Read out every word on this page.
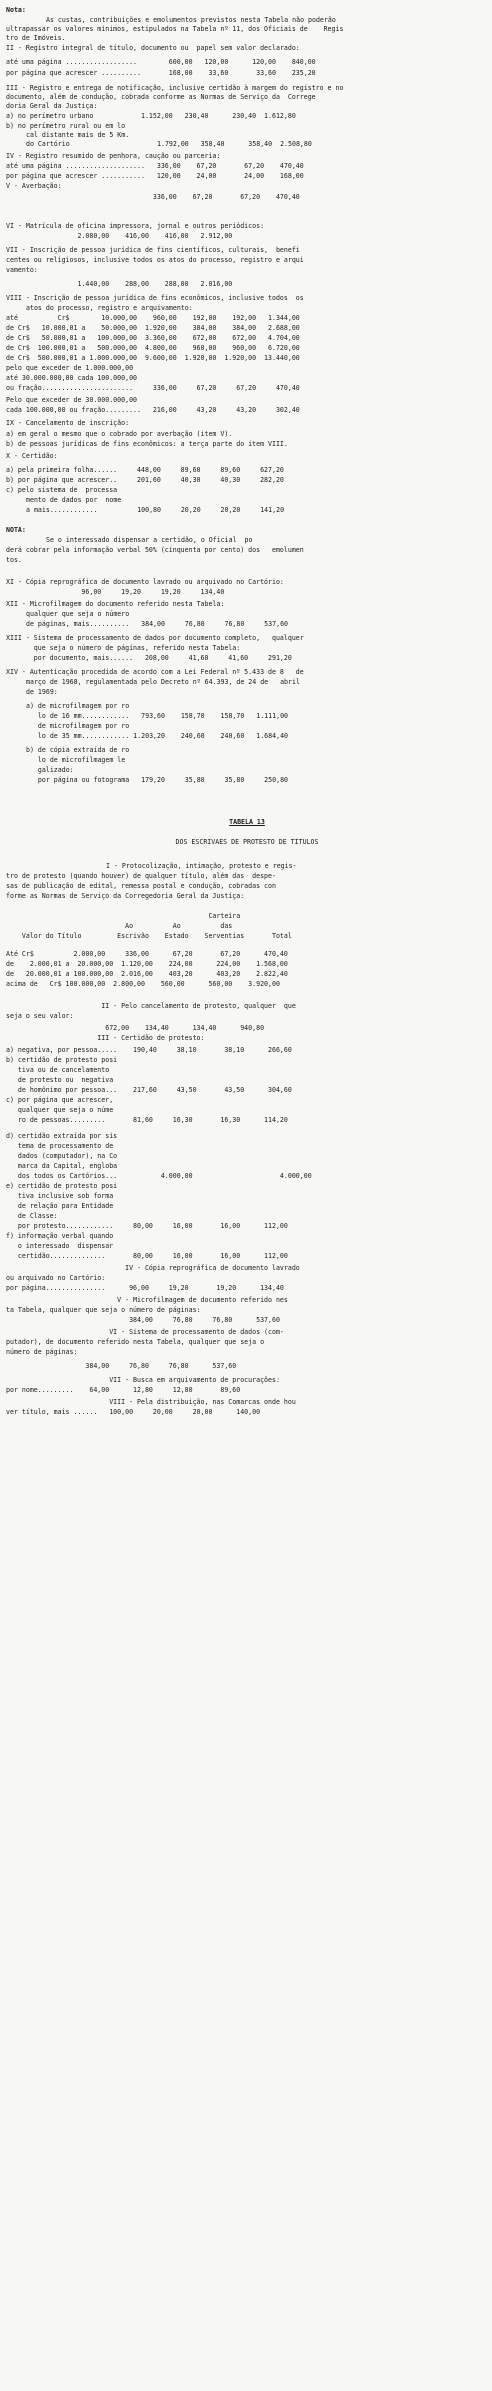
TABELA 13
DOS ESCRIVÃES DE PROTESTO DE TÍTULOS
Nota:
As custas, contribuições e emolumentos previstos nesta Tabela não poderão
ultrapassar os valores mínimos, estipulados na Tabela nº 11, dos Oficiais de    Regis
tro de Imóveis.
II - Registro integral de título, documento ou  papel sem valor declarado:
até uma página ..................        600,00   120,00      120,00    840,00
por página que acrescer ..........       168,00    33,60       33,60    235,20
III - Registro e entrega de notificação, inclusive certidão à margem do registro e no
documento, além de condução, cobrada conforme as Normas de Serviço da  Correge
doria Geral da Justiça:
a) no perímetro urbano            1.152,00   230,40      230,40  1.612,80
b) no perímetro rural ou em lo
cal distante mais de 5 Km.
do Cartório                      1.792,00   358,40      358,40  2.508,80
IV - Registro resumido de penhora, caução ou parceria:
até uma página ....................   336,00    67,20       67,20    470,40
por página que acrescer ...........   120,00    24,00       24,00    168,00
V - Averbação:
336,00    67,20       67,20    470,40
VI - Matrícula de oficina impressora, jornal e outros periódicos:
2.080,00    416,00    416,00   2.912,00
VII - Inscrição de pessoa jurídica de fins científicos, culturais,  benefi
centes ou religiosos, inclusive todos os atos do processo, registro e arqui
vamento:
1.440,00    288,00    288,00   2.016,00
VIII - Inscrição de pessoa jurídica de fins econômicos, inclusive todos  os
atos do processo, registro e arquivamento:
até          Cr$        10.000,00    960,00    192,00    192,00   1.344,00
de Cr$   10.000,01 a    50.000,00  1.920,00    384,00    384,00   2.688,00
de Cr$   50.000,01 a   100.000,00  3.360,00    672,00    672,00   4.704,00
de Cr$  100.000,01 a   500.000,00  4.800,00    960,00    960,00   6.720,00
de Cr$  500.000,01 a 1.000.000,00  9.600,00  1.920,00  1.920,00  13.440,00
pelo que exceder de 1.000.000,00
até 30.000.000,00 cada 100.000,00
ou fração.......................     336,00     67,20     67,20     470,40
Pelo que exceder de 30.000.000,00
cada 100.000,00 ou fração.........   216,00     43,20     43,20     302,40
IX - Cancelamento de inscrição:
a) em geral o mesmo que o cobrado por averbação (item V).
b) de pessoas jurídicas de fins econômicos: a terça parte do item VIII.
X - Certidão:
a) pela primeira folha......     448,00     89,60     89,60     627,20
b) por página que acrescer..     201,60     40,30     40,30     282,20
c) pelo sistema de  processa
mento de dados por  nome
a mais............          100,80     20,20     20,20     141,20
NOTA:
Se o interessado dispensar a certidão, o Oficial  po
derá cobrar pela informação verbal 50% (cinquenta por cento) dos   emolumen
tos.
XI - Cópia reprográfica de documento lavrado ou arquivado no Cartório:
96,00     19,20     19,20     134,40
XII - Microfilmagem do documento referido nesta Tabela:
qualquer que seja o número
de páginas, mais..........   384,00     76,80     76,80     537,60
XIII - Sistema de processamento de dados por documento completo,   qualquer
que seja o número de páginas, referido nesta Tabela:
por documento, mais......   208,00     41,60     41,60     291,20
XIV - Autenticação procedida de acordo com a Lei Federal nº 5.433 de 8   de
março de 1968, regulamentada pelo Decreto nº 64.393, de 24 de   abril
de 1969:
a) de microfilmagem por ro
lo de 16 mm............   793,60    158,70    158,70   1.111,00
de microfilmagem por ro
lo de 35 mm............ 1.203,20    240,60    240,60   1.684,40
b) de cópia extraída de ro
lo de microfilmagem le
galizado:
por página ou fotograma   179,20     35,80     35,80     250,80
I - Protocolização, intimação, protesto e regis-
tro de protesto (quando houver) de qualquer título, além das  despe-
sas de publicação de edital, remessa postal e condução, cobradas con
forme as Normas de Serviço da Corregedoria Geral da Justiça:
Carteira
Ao          Ao          das
Valor do Título         Escrivão    Estado    Serventias       Total
Até Cr$          2.000,00     336,00      67,20       67,20      470,40
de    2.000,01 a  20.000,00  1.120,00    224,00      224,00    1.568,00
de   20.000,01 a 100.000,00  2.016,00    403,20      403,20    2.822,40
acima de   Cr$ 100.000,00  2.800,00    560,00      560,00    3.920,00
II - Pelo cancelamento de protesto, qualquer  que
seja o seu valor:
672,00    134,40      134,40      940,80
III - Certidão de protesto:
a) negativa, por pessoa.....    190,40     38,10       38,10      266,60
b) certidão de protesto posi
tiva ou de cancelamento
de protesto ou  negativa
de homônimo por pessoa...    217,60     43,50       43,50      304,60
c) por página que acrescer,
qualquer que seja o núme
ro de pessoas.........       81,60     16,30       16,30      114,20
d) certidão extraída por sis
tema de processamento de
dados (computador), na Co
marca da Capital, engloba
dos todos os Cartórios...           4.000,00                      4.000,00
e) certidão de protesto posi
tiva inclusive sob forma
de relação para Entidade
de Classe:
por protesto............     80,00     16,00       16,00      112,00
f) informação verbal quando
o interessado  dispensar
certidão..............       80,00     16,00       16,00      112,00
IV - Cópia reprográfica de documento lavrado
ou arquivado no Cartório:
por página...............      96,00     19,20       19,20      134,40
V - Microfilmagem de documento referido nes
ta Tabela, qualquer que seja o número de páginas:
384,00     76,80     76,80      537,60
VI - Sistema de processamento de dados (com-
putador), de documento referido nesta Tabela, qualquer que seja o
número de páginas:
384,00     76,80     76,80      537,60
VII - Busca em arquivamento de procurações:
por nome.........    64,00      12,80     12,80       89,60
VIII - Pela distribuição, nas Comarcas onde hou
ver título, mais ......   100,00     20,00     20,00      140,00
